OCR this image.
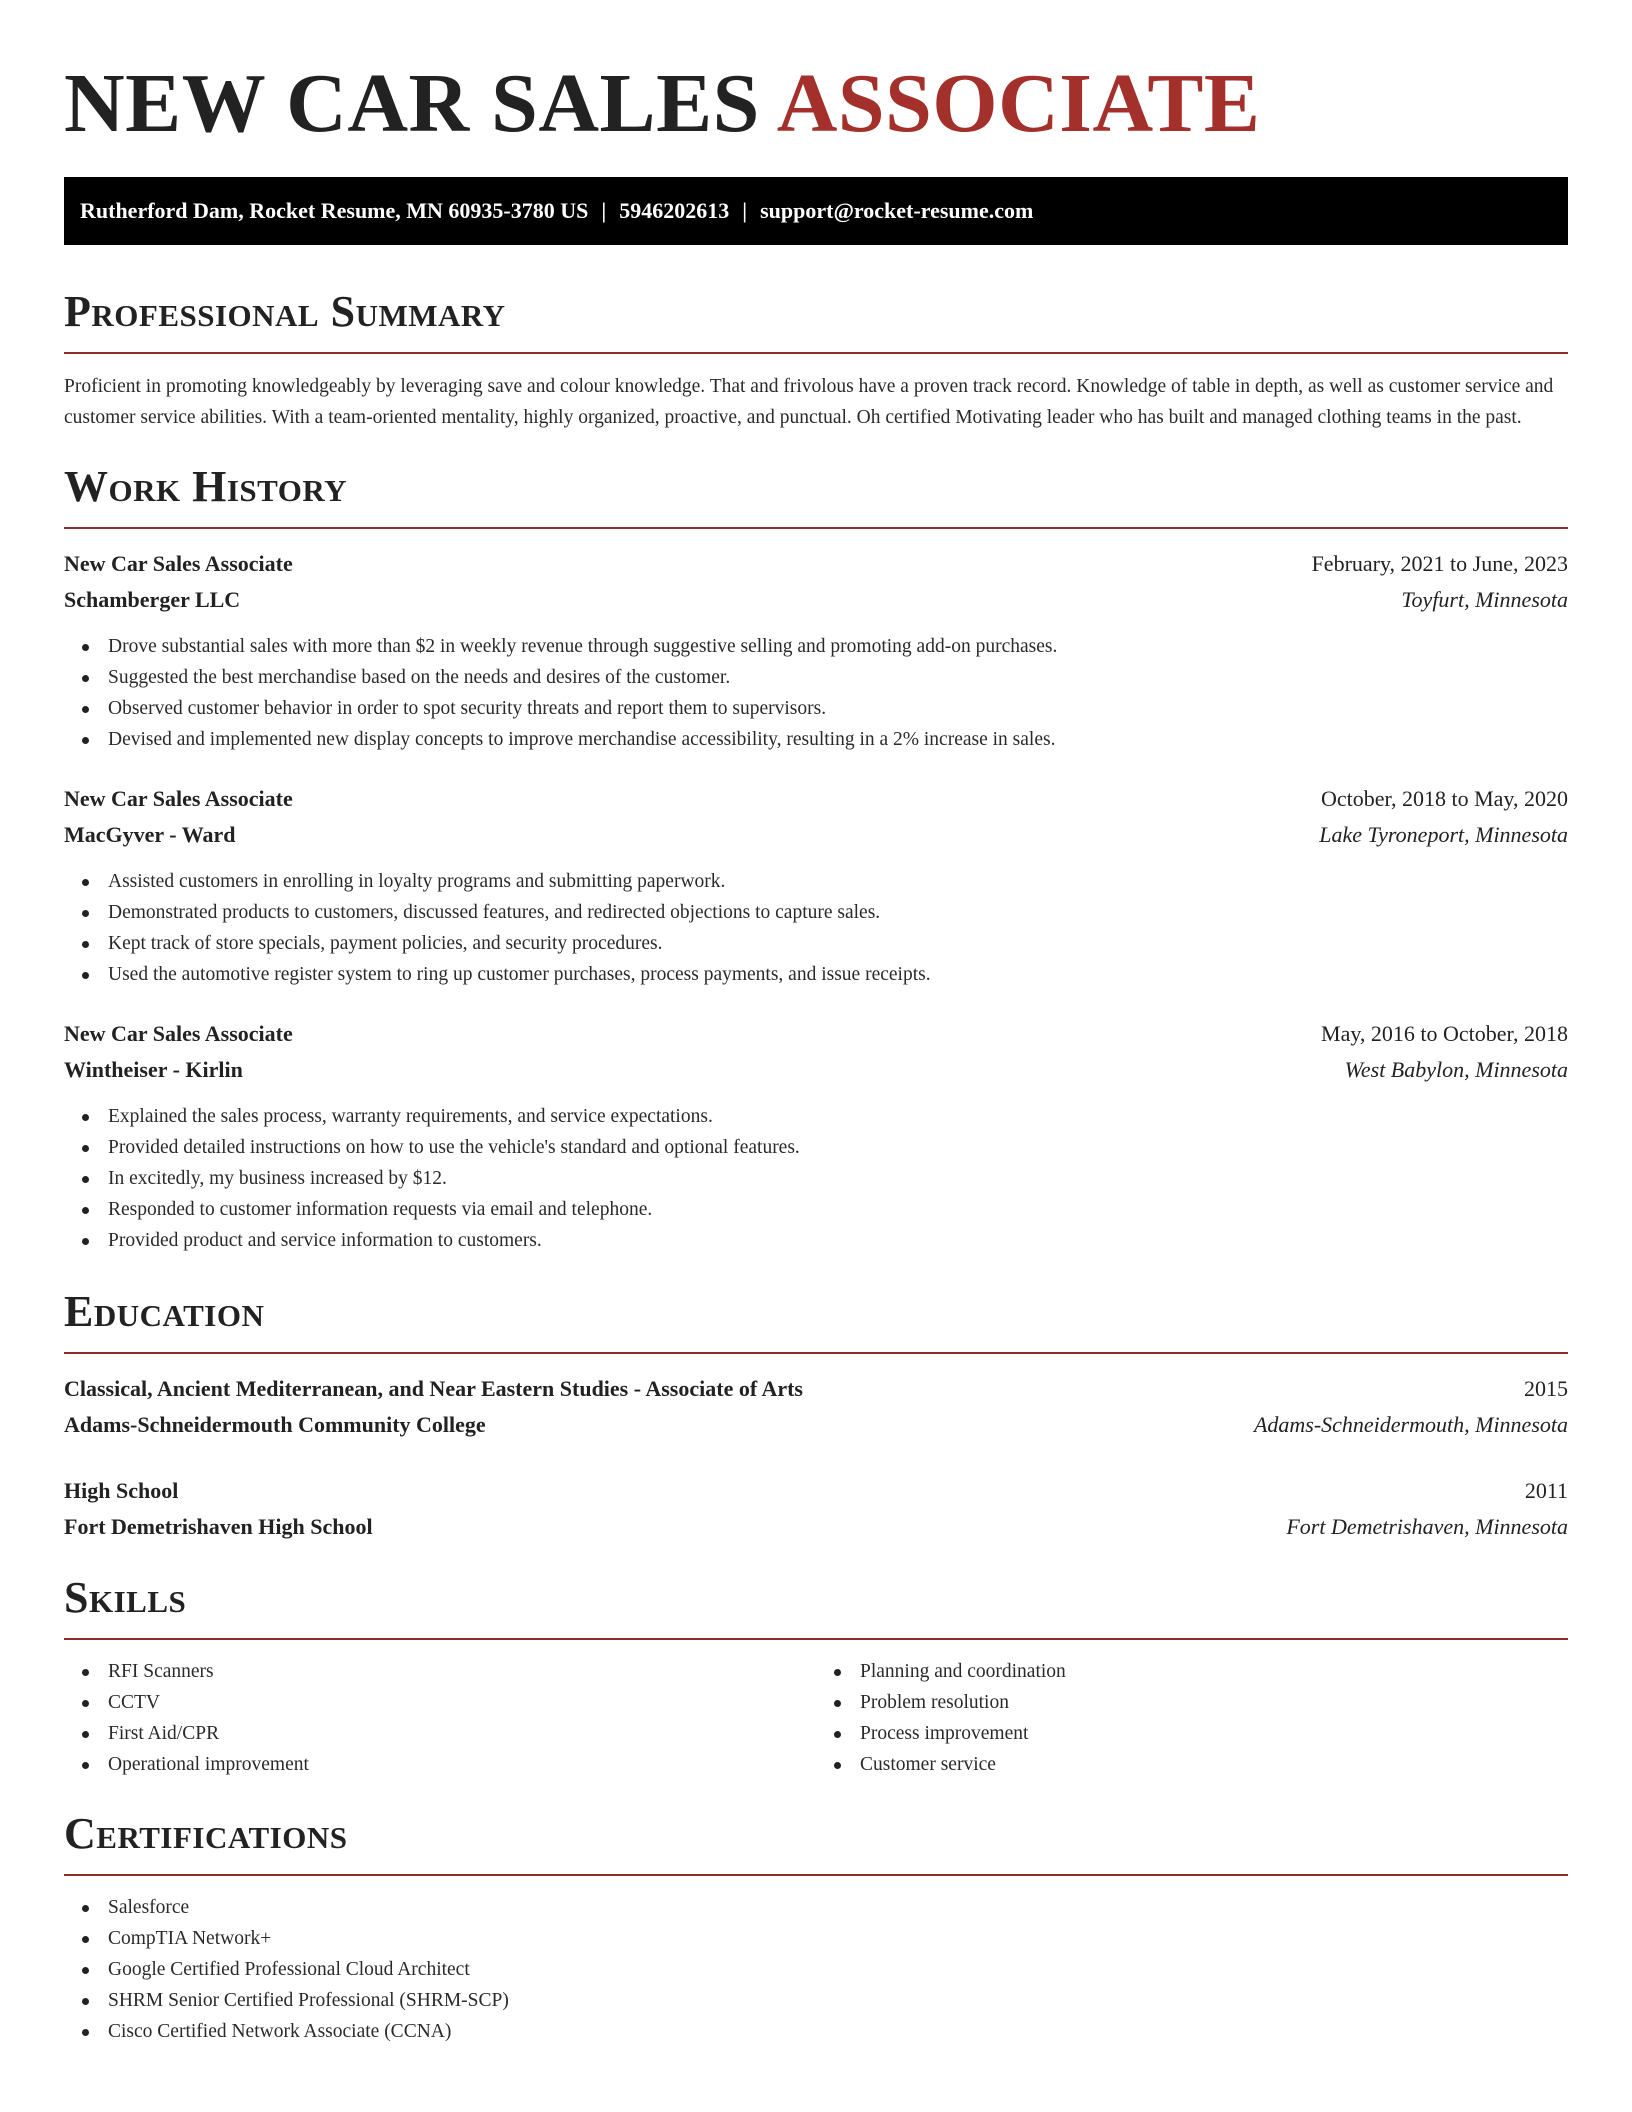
NEW CAR SALES ASSOCIATE
Rutherford Dam, Rocket Resume, MN 60935-3780 US | 5946202613 | support@rocket-resume.com
Professional Summary

Proficient in promoting knowledgeably by leveraging save and colour knowledge. That and frivolous have a proven track record. Knowledge of table in depth, as well as customer service and customer service abilities. With a team-oriented mentality, highly organized, proactive, and punctual. Oh certified Motivating leader who has built and managed clothing teams in the past.

Work History
New Car Sales Associate	February, 2021 to June, 2023
Schamberger LLC	Toyfurt, Minnesota
Drove substantial sales with more than $2 in weekly revenue through suggestive selling and promoting add-on purchases.
Suggested the best merchandise based on the needs and desires of the customer.
Observed customer behavior in order to spot security threats and report them to supervisors.
Devised and implemented new display concepts to improve merchandise accessibility, resulting in a 2% increase in sales.
New Car Sales Associate	October, 2018 to May, 2020
MacGyver - Ward	Lake Tyroneport, Minnesota
Assisted customers in enrolling in loyalty programs and submitting paperwork.
Demonstrated products to customers, discussed features, and redirected objections to capture sales.
Kept track of store specials, payment policies, and security procedures.
Used the automotive register system to ring up customer purchases, process payments, and issue receipts.
New Car Sales Associate	May, 2016 to October, 2018
Wintheiser - Kirlin	West Babylon, Minnesota
Explained the sales process, warranty requirements, and service expectations.
Provided detailed instructions on how to use the vehicle's standard and optional features.
In excitedly, my business increased by $12.
Responded to customer information requests via email and telephone.
Provided product and service information to customers.
Education
Classical, Ancient Mediterranean, and Near Eastern Studies - Associate of Arts	2015
Adams-Schneidermouth Community College	Adams-Schneidermouth, Minnesota
High School	2011
Fort Demetrishaven High School	Fort Demetrishaven, Minnesota
Skills
RFI Scanners
CCTV
First Aid/CPR
Operational improvement
Planning and coordination
Problem resolution
Process improvement
Customer service
Certifications
Salesforce
CompTIA Network+
Google Certified Professional Cloud Architect
SHRM Senior Certified Professional (SHRM-SCP)
Cisco Certified Network Associate (CCNA)
